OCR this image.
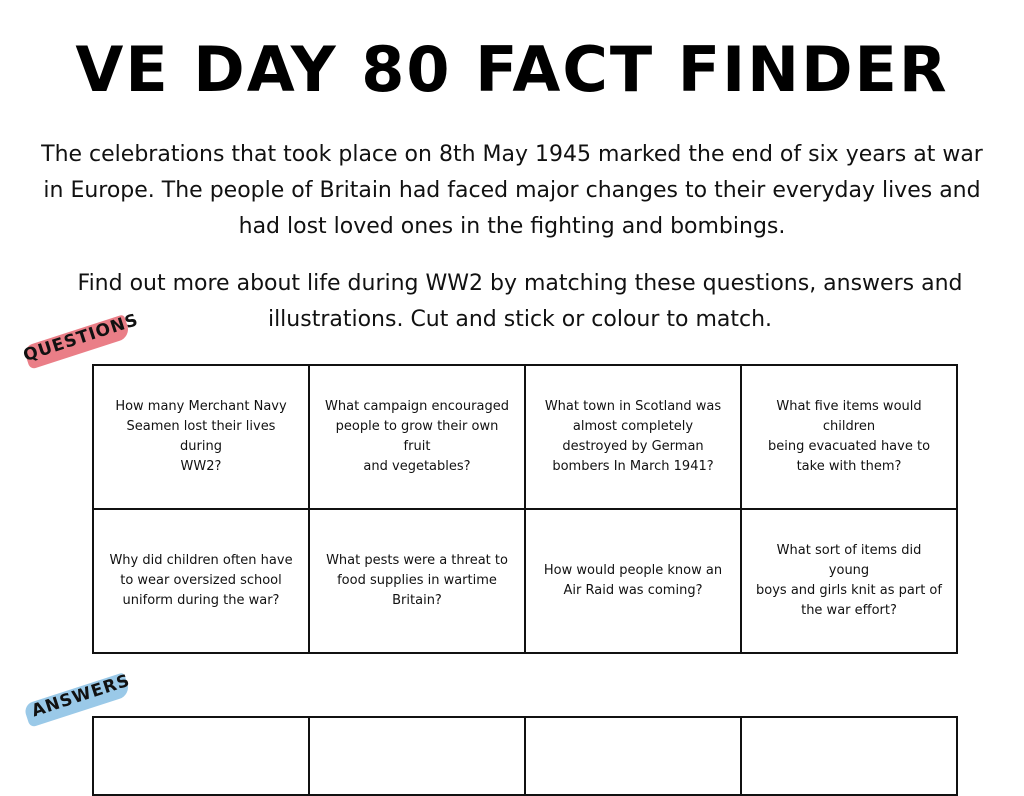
VE DAY 80 FACT FINDER

The celebrations that took place on 8th May 1945 marked the end of six years at war in Europe. The people of Britain had faced major changes to their everyday lives and had lost loved ones in the fighting and bombings.

Find out more about life during WW2 by matching these questions, answers and illustrations. Cut and stick or colour to match.

QUESTIONS
How many Merchant Navy
Seamen lost their lives
during
WW2?
What campaign encouraged
people to grow their own
fruit
and vegetables?
What town in Scotland was
almost completely
destroyed by German
bombers In March 1941?
What five items would
children
being evacuated have to
take with them?
Why did children often have
to wear oversized school
uniform during the war?
What pests were a threat to
food supplies in wartime
Britain?
How would people know an
Air Raid was coming?
What sort of items did
young
boys and girls knit as part of
the war effort?
ANSWERS
